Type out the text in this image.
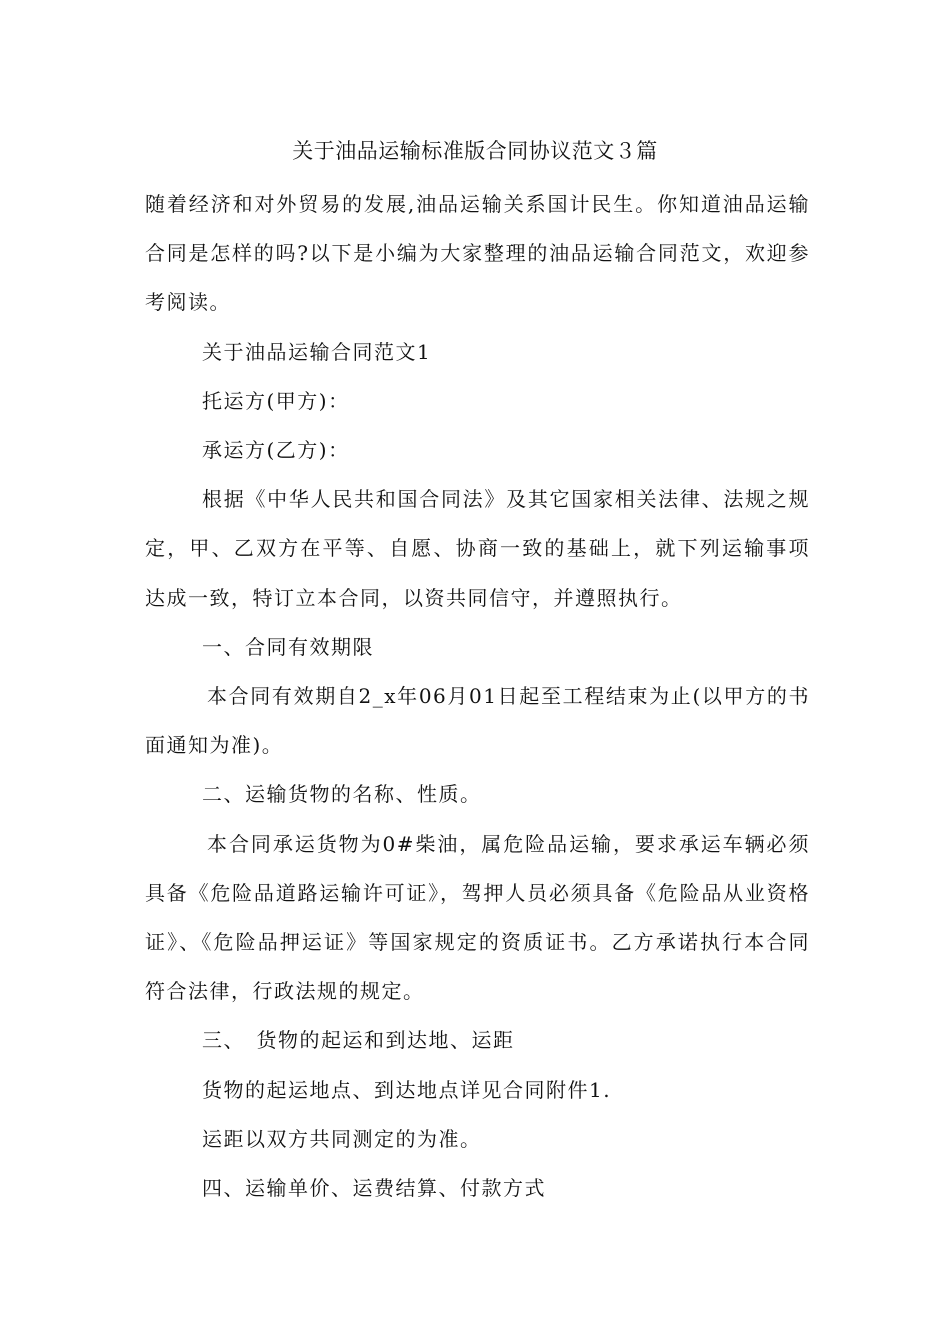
关于油品运输标准版合同协议范文３篇

随着经济和对外贸易的发展,油品运输关系国计民生。你知道油品运输合同是怎样的吗?以下是小编为大家整理的油品运输合同范文，欢迎参考阅读。

关于油品运输合同范文1

托运方(甲方)：

承运方(乙方)：

根据《中华人民共和国合同法》及其它国家相关法律、法规之规定，甲、乙双方在平等、自愿、协商一致的基础上，就下列运输事项达成一致，特订立本合同，以资共同信守，并遵照执行。

一、合同有效期限

本合同有效期自2_x年06月01日起至工程结束为止(以甲方的书面通知为准)。

二、运输货物的名称、性质。

本合同承运货物为0#柴油，属危险品运输，要求承运车辆必须具备《危险品道路运输许可证》，驾押人员必须具备《危险品从业资格证》、《危险品押运证》等国家规定的资质证书。乙方承诺执行本合同符合法律，行政法规的规定。

三、　货物的起运和到达地、运距

货物的起运地点、到达地点详见合同附件1.

运距以双方共同测定的为准。

四、运输单价、运费结算、付款方式
